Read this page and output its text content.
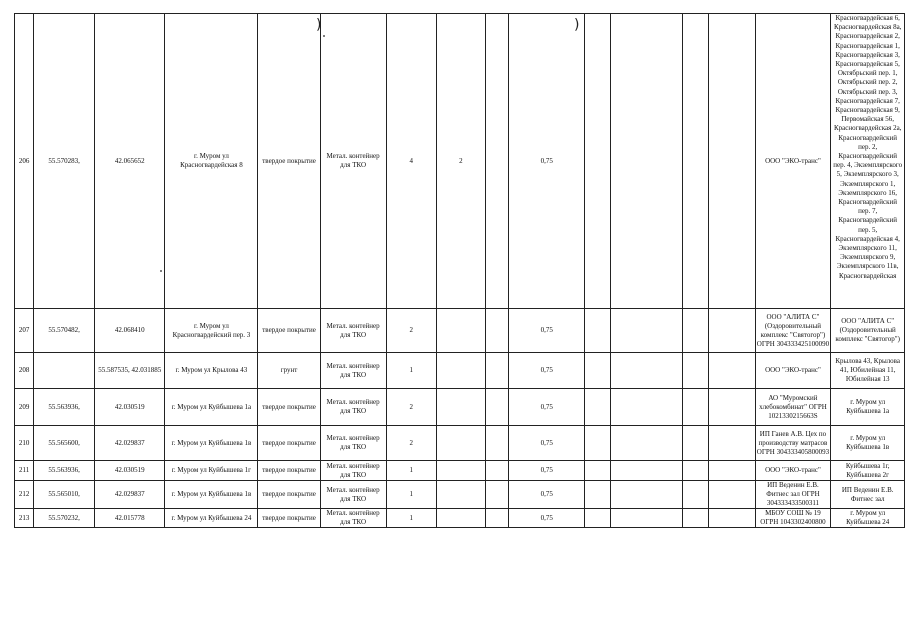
206	55.570283,	42.065652	г. Муром ул Красногвардейская 8	твердое покрытие	Метал. контейнер для ТКО	4	2		0,75					ООО "ЭКО-транс"	Красногвардейская 6, Красногвардейская 8а, Красногвардейская 2, Красногвардейская 1, Красногвардейская 3, Красногвардейская 5, Октябрьский пер. 1, Октябрьский пер. 2, Октябрьский пер. 3, Красногвардейская 7, Красногвардейская 9, Первомайская 56, Красногвардейская 2а, Красногвардейский пер. 2, Красногвардейский пер. 4, Экземплярского 5, Экземплярского 3, Экземплярского 1, Экземплярского 16, Красногвардейский пер. 7, Красногвардейский пер. 5, Красногвардейская 4, Экземплярского 11, Экземплярского 9, Экземплярского 11в, Красногвардейская
207	55.570482,	42.068410	г. Муром ул Красногвардейский пер. 3	твердое покрытие	Метал. контейнер для ТКО	2			0,75					ООО "АЛИТА С" (Оздоровительный комплекс "Святогор") ОГРН 304333425100090	ООО "АЛИТА С" (Оздоровительный комплекс "Святогор")
208		55.587535, 42.031885	г. Муром ул Крылова 43	грунт	Метал. контейнер для ТКО	1			0,75					ООО "ЭКО-транс"	Крылова 43, Крылова 41, Юбилейная 11, Юбилейная 13
209	55.563936,	42.030519	г. Муром ул Куйбышева 1а	твердое покрытие	Метал. контейнер для ТКО	2			0,75					АО "Муромский хлебокомбинат" ОГРН 1021330215663S	г. Муром ул Куйбышева 1а
210	55.565600,	42.029837	г. Муром ул Куйбышева 1в	твердое покрытие	Метал. контейнер для ТКО	2			0,75					ИП Ганев А.В. Цех по производству матрасов ОГРН 304333405800093	г. Муром ул Куйбышева 1в
211	55.563936,	42.030519	г. Муром ул Куйбышева 1г	твердое покрытие	Метал. контейнер для ТКО	1			0,75					ООО "ЭКО-транс"	Куйбышева 1г, Куйбышева 2г
212	55.565010,	42.029837	г. Муром ул Куйбышева 1в	твердое покрытие	Метал. контейнер для ТКО	1			0,75					ИП Веденин Е.В. Фитнес зал ОГРН 304333433500311	ИП Веденин Е.В. Фитнес зал
213	55.570232,	42.015778	г. Муром ул Куйбышева 24	твердое покрытие	Метал. контейнер для ТКО	1			0,75					МБОУ СОШ № 19 ОГРН 1043302400800	г. Муром ул Куйбышева 24
)	)
